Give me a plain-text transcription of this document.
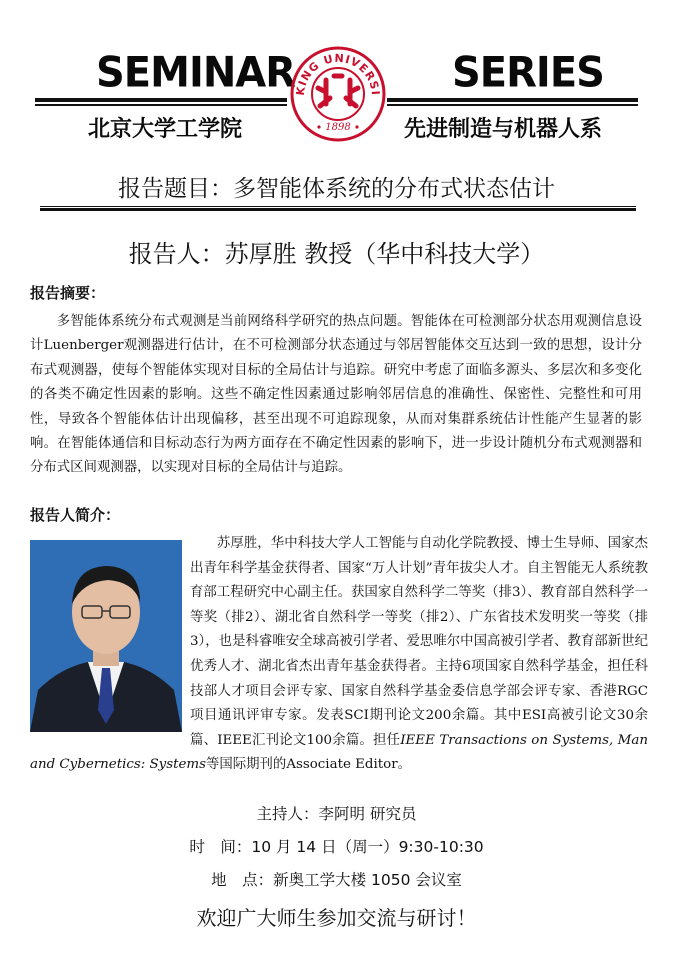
SEMINAR	SERIES
北京大学工学院	先进制造与机器人系
KING UNIVERSI
1898
报告题目：多智能体系统的分布式状态估计
报告人：苏厚胜 教授（华中科技大学）
报告摘要：
多智能体系统分布式观测是当前网络科学研究的热点问题。智能体在可检测部分状态用观测信息设计Luenberger观测器进行估计，在不可检测部分状态通过与邻居智能体交互达到一致的思想，设计分布式观测器，使每个智能体实现对目标的全局估计与追踪。研究中考虑了面临多源头、多层次和多变化的各类不确定性因素的影响。这些不确定性因素通过影响邻居信息的准确性、保密性、完整性和可用性，导致各个智能体估计出现偏移，甚至出现不可追踪现象，从而对集群系统估计性能产生显著的影响。在智能体通信和目标动态行为两方面存在不确定性因素的影响下，进一步设计随机分布式观测器和分布式区间观测器，以实现对目标的全局估计与追踪。
报告人简介：
苏厚胜，华中科技大学人工智能与自动化学院教授、博士生导师、国家杰出青年科学基金获得者、国家“万人计划”青年拔尖人才。自主智能无人系统教育部工程研究中心副主任。获国家自然科学二等奖（排3）、教育部自然科学一等奖（排2）、湖北省自然科学一等奖（排2）、广东省技术发明奖一等奖（排3），也是科睿唯安全球高被引学者、爱思唯尔中国高被引学者、教育部新世纪优秀人才、湖北省杰出青年基金获得者。主持6项国家自然科学基金，担任科技部人才项目会评专家、国家自然科学基金委信息学部会评专家、香港RGC项目通讯评审专家。发表SCI期刊论文200余篇。其中ESI高被引论文30余篇、IEEE汇刊论文100余篇。担任IEEE Transactions on Systems, Man and Cybernetics: Systems等国际期刊的Associate Editor。
主持人：李阿明 研究员
时　间：10 月 14 日（周一）9:30-10:30
地　点：新奥工学大楼 1050 会议室
欢迎广大师生参加交流与研讨！
